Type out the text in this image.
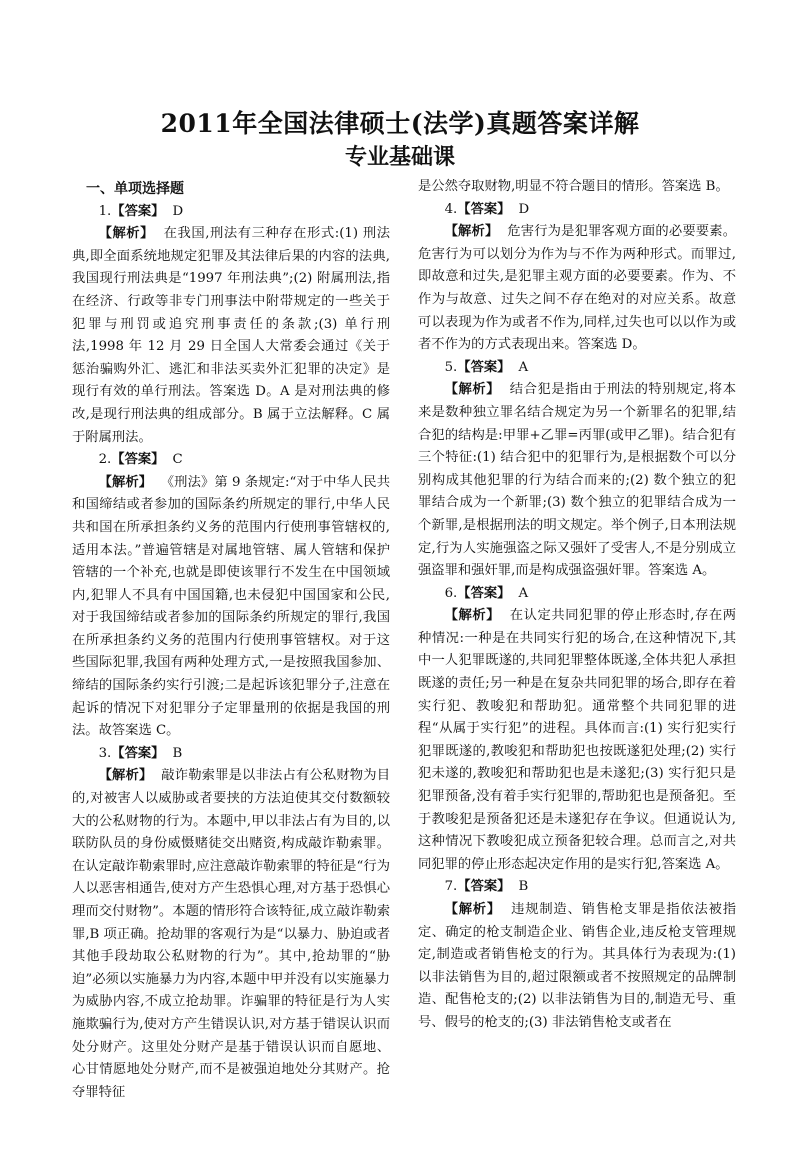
2011年全国法律硕士(法学)真题答案详解
专业基础课

一、单项选择题

1.【答案】 D

【解析】 在我国,刑法有三种存在形式:(1) 刑法典,即全面系统地规定犯罪及其法律后果的内容的法典,我国现行刑法典是“1997 年刑法典”;(2) 附属刑法,指在经济、行政等非专门刑事法中附带规定的一些关于犯罪与刑罚或追究刑事责任的条款;(3) 单行刑法,1998 年 12 月 29 日全国人大常委会通过《关于惩治骗购外汇、逃汇和非法买卖外汇犯罪的决定》是现行有效的单行刑法。答案选 D。A 是对刑法典的修改,是现行刑法典的组成部分。B 属于立法解释。C 属于附属刑法。

2.【答案】 C

【解析】 《刑法》第 9 条规定:“对于中华人民共和国缔结或者参加的国际条约所规定的罪行,中华人民共和国在所承担条约义务的范围内行使刑事管辖权的,适用本法。”普遍管辖是对属地管辖、属人管辖和保护管辖的一个补充,也就是即使该罪行不发生在中国领域内,犯罪人不具有中国国籍,也未侵犯中国国家和公民,对于我国缔结或者参加的国际条约所规定的罪行,我国在所承担条约义务的范围内行使刑事管辖权。对于这些国际犯罪,我国有两种处理方式,一是按照我国参加、缔结的国际条约实行引渡;二是起诉该犯罪分子,注意在起诉的情况下对犯罪分子定罪量刑的依据是我国的刑法。故答案选 C。

3.【答案】 B

【解析】 敲诈勒索罪是以非法占有公私财物为目的,对被害人以威胁或者要挟的方法迫使其交付数额较大的公私财物的行为。本题中,甲以非法占有为目的,以联防队员的身份威慑赌徒交出赌资,构成敲诈勒索罪。在认定敲诈勒索罪时,应注意敲诈勒索罪的特征是“行为人以恶害相通告,使对方产生恐惧心理,对方基于恐惧心理而交付财物”。本题的情形符合该特征,成立敲诈勒索罪,B 项正确。抢劫罪的客观行为是“以暴力、胁迫或者其他手段劫取公私财物的行为”。其中,抢劫罪的“胁迫”必须以实施暴力为内容,本题中甲并没有以实施暴力为威胁内容,不成立抢劫罪。诈骗罪的特征是行为人实施欺骗行为,使对方产生错误认识,对方基于错误认识而处分财产。这里处分财产是基于错误认识而自愿地、心甘情愿地处分财产,而不是被强迫地处分其财产。抢夺罪特征

是公然夺取财物,明显不符合题目的情形。答案选 B。

4.【答案】 D

【解析】 危害行为是犯罪客观方面的必要要素。危害行为可以划分为作为与不作为两种形式。而罪过,即故意和过失,是犯罪主观方面的必要要素。作为、不作为与故意、过失之间不存在绝对的对应关系。故意可以表现为作为或者不作为,同样,过失也可以以作为或者不作为的方式表现出来。答案选 D。

5.【答案】 A

【解析】 结合犯是指由于刑法的特别规定,将本来是数种独立罪名结合规定为另一个新罪名的犯罪,结合犯的结构是:甲罪+乙罪=丙罪(或甲乙罪)。结合犯有三个特征:(1) 结合犯中的犯罪行为,是根据数个可以分别构成其他犯罪的行为结合而来的;(2) 数个独立的犯罪结合成为一个新罪;(3) 数个独立的犯罪结合成为一个新罪,是根据刑法的明文规定。举个例子,日本刑法规定,行为人实施强盗之际又强奸了受害人,不是分别成立强盗罪和强奸罪,而是构成强盗强奸罪。答案选 A。

6.【答案】 A

【解析】 在认定共同犯罪的停止形态时,存在两种情况:一种是在共同实行犯的场合,在这种情况下,其中一人犯罪既遂的,共同犯罪整体既遂,全体共犯人承担既遂的责任;另一种是在复杂共同犯罪的场合,即存在着实行犯、教唆犯和帮助犯。通常整个共同犯罪的进程“从属于实行犯”的进程。具体而言:(1) 实行犯实行犯罪既遂的,教唆犯和帮助犯也按既遂犯处理;(2) 实行犯未遂的,教唆犯和帮助犯也是未遂犯;(3) 实行犯只是犯罪预备,没有着手实行犯罪的,帮助犯也是预备犯。至于教唆犯是预备犯还是未遂犯存在争议。但通说认为,这种情况下教唆犯成立预备犯较合理。总而言之,对共同犯罪的停止形态起决定作用的是实行犯,答案选 A。

7.【答案】 B

【解析】 违规制造、销售枪支罪是指依法被指定、确定的枪支制造企业、销售企业,违反枪支管理规定,制造或者销售枪支的行为。其具体行为表现为:(1) 以非法销售为目的,超过限额或者不按照规定的品牌制造、配售枪支的;(2) 以非法销售为目的,制造无号、重号、假号的枪支的;(3) 非法销售枪支或者在
